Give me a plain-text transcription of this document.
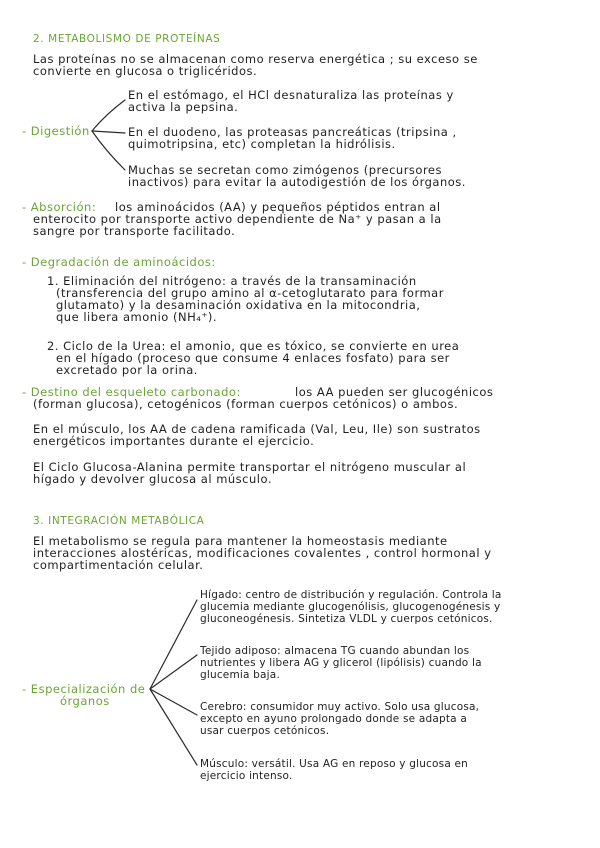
2. METABOLISMO DE PROTEÍNAS
Las proteínas no se almacenan como reserva energética ; su exceso se
convierte en glucosa o triglicéridos.
- Digestión
En el estómago, el HCl desnaturaliza las proteínas y
activa la pepsina.
En el duodeno, las proteasas pancreáticas (tripsina ,
quimotripsina, etc) completan la hidrólisis.
Muchas se secretan como zimógenos (precursores
inactivos) para evitar la autodigestión de los órganos.
- Absorción: los aminoácidos (AA) y pequeños péptidos entran al
enterocito por transporte activo dependiente de Na⁺ y pasan a la
sangre por transporte facilitado.
- Degradación de aminoácidos:
1. Eliminación del nitrógeno: a través de la transaminación
(transferencia del grupo amino al α-cetoglutarato para formar
glutamato) y la desaminación oxidativa en la mitocondria,
que libera amonio (NH₄⁺).
2. Ciclo de la Urea: el amonio, que es tóxico, se convierte en urea
en el hígado (proceso que consume 4 enlaces fosfato) para ser
excretado por la orina.
- Destino del esqueleto carbonado:	los AA pueden ser glucogénicos
(forman glucosa), cetogénicos (forman cuerpos cetónicos) o ambos.
En el músculo, los AA de cadena ramificada (Val, Leu, Ile) son sustratos
energéticos importantes durante el ejercicio.
El Ciclo Glucosa-Alanina permite transportar el nitrógeno muscular al
hígado y devolver glucosa al músculo.
3. INTEGRACIÓN METABÓLICA
El metabolismo se regula para mantener la homeostasis mediante
interacciones alostéricas, modificaciones covalentes , control hormonal y
compartimentación celular.
- Especialización de
órganos
Hígado: centro de distribución y regulación. Controla la
glucemia mediante glucogenólisis, glucogenogénesis y
gluconeogénesis. Sintetiza VLDL y cuerpos cetónicos.
Tejido adiposo: almacena TG cuando abundan los
nutrientes y libera AG y glicerol (lipólisis) cuando la
glucemia baja.
Cerebro: consumidor muy activo. Solo usa glucosa,
excepto en ayuno prolongado donde se adapta a
usar cuerpos cetónicos.
Músculo: versátil. Usa AG en reposo y glucosa en
ejercicio intenso.
